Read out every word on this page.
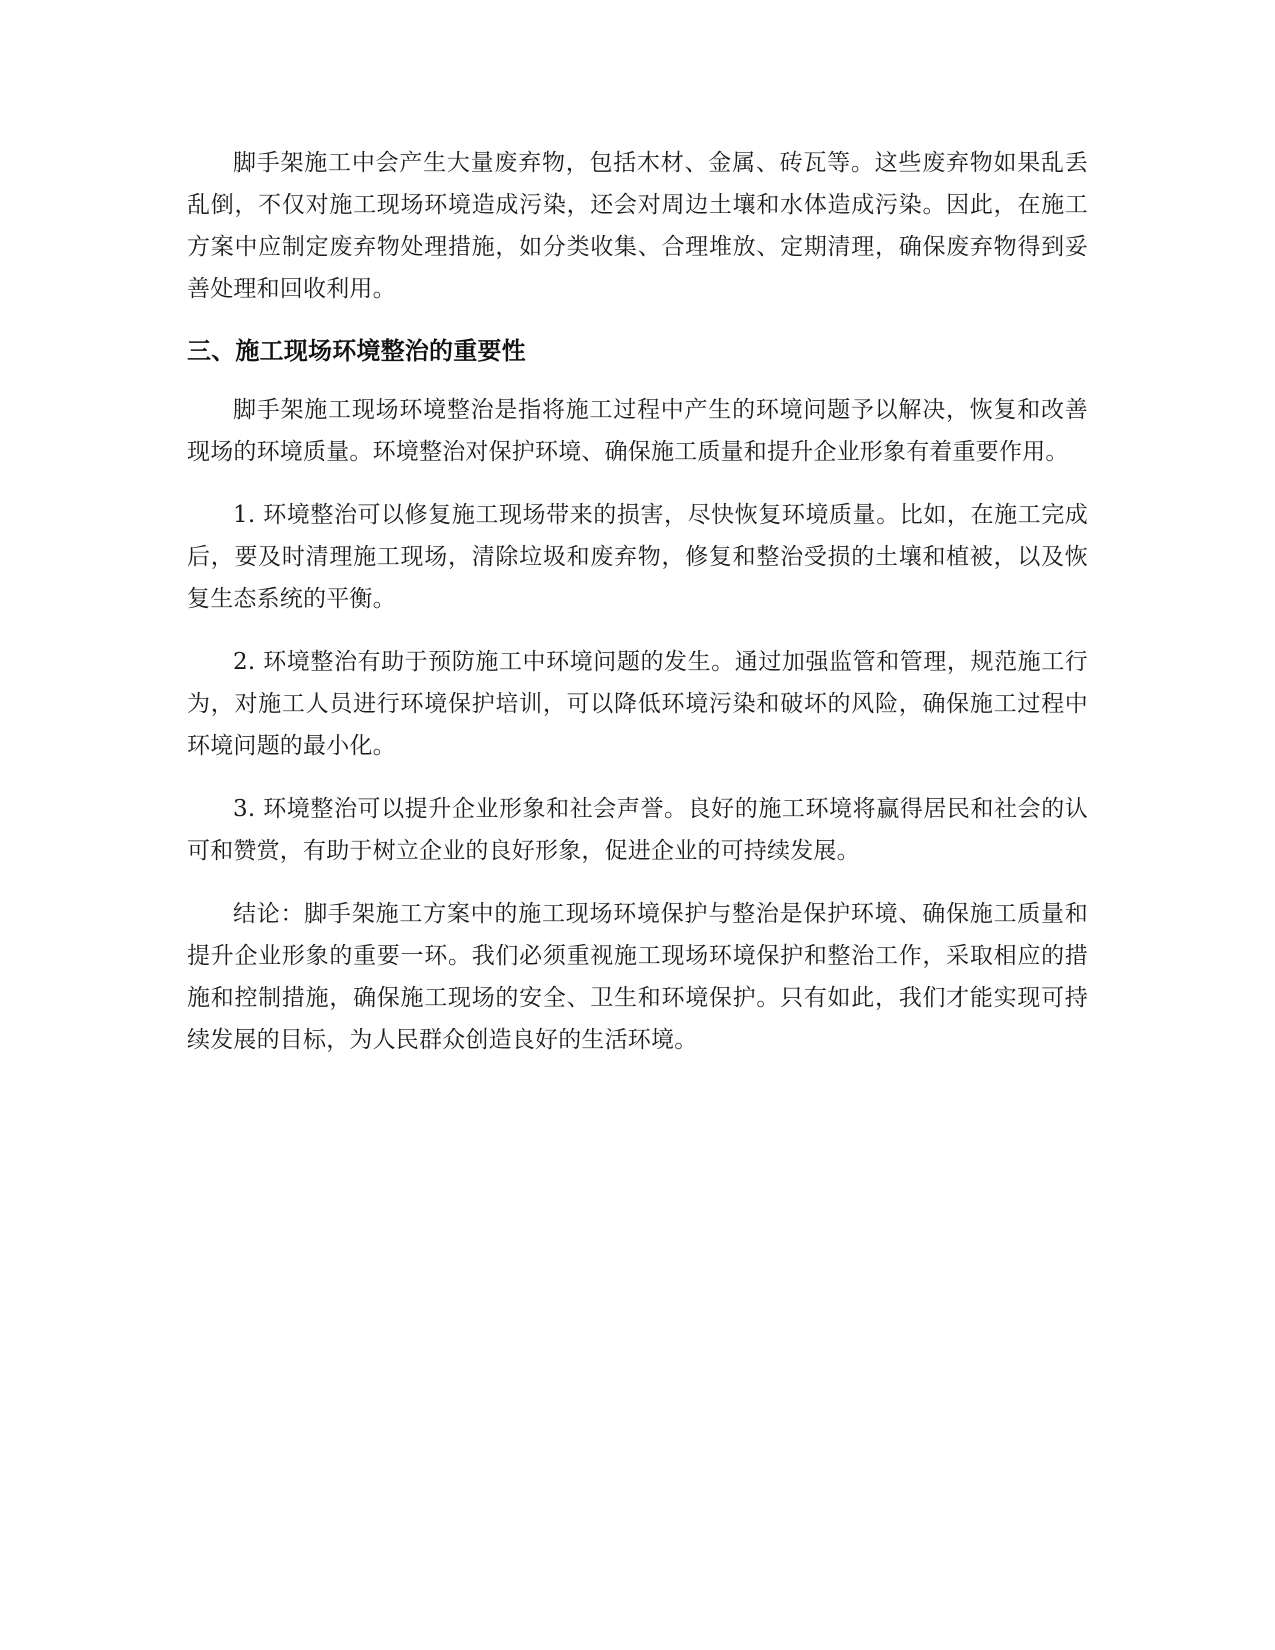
脚手架施工中会产生大量废弃物，包括木材、金属、砖瓦等。这些废弃物如果乱丢乱倒，不仅对施工现场环境造成污染，还会对周边土壤和水体造成污染。因此，在施工方案中应制定废弃物处理措施，如分类收集、合理堆放、定期清理，确保废弃物得到妥善处理和回收利用。

三、施工现场环境整治的重要性

脚手架施工现场环境整治是指将施工过程中产生的环境问题予以解决，恢复和改善现场的环境质量。环境整治对保护环境、确保施工质量和提升企业形象有着重要作用。

1. 环境整治可以修复施工现场带来的损害，尽快恢复环境质量。比如，在施工完成后，要及时清理施工现场，清除垃圾和废弃物，修复和整治受损的土壤和植被，以及恢复生态系统的平衡。

2. 环境整治有助于预防施工中环境问题的发生。通过加强监管和管理，规范施工行为，对施工人员进行环境保护培训，可以降低环境污染和破坏的风险，确保施工过程中环境问题的最小化。

3. 环境整治可以提升企业形象和社会声誉。良好的施工环境将赢得居民和社会的认可和赞赏，有助于树立企业的良好形象，促进企业的可持续发展。

结论：脚手架施工方案中的施工现场环境保护与整治是保护环境、确保施工质量和提升企业形象的重要一环。我们必须重视施工现场环境保护和整治工作，采取相应的措施和控制措施，确保施工现场的安全、卫生和环境保护。只有如此，我们才能实现可持续发展的目标，为人民群众创造良好的生活环境。
